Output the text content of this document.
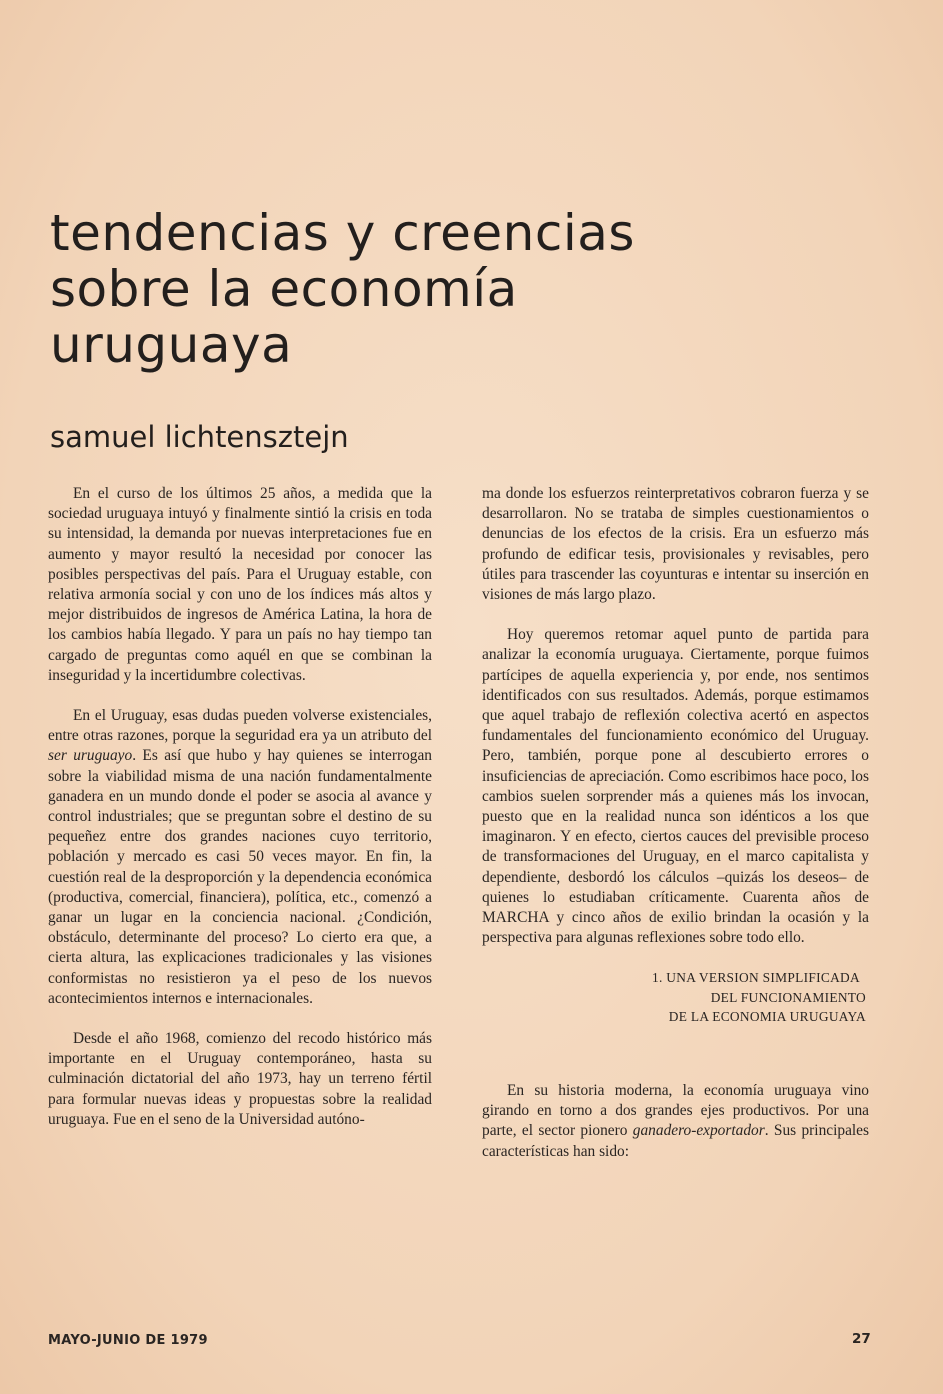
tendencias y creencias
sobre la economía
uruguaya
samuel lichtensztejn

En el curso de los últimos 25 años, a medida que la sociedad uruguaya intuyó y finalmente sintió la crisis en toda su intensidad, la demanda por nuevas interpretaciones fue en aumento y mayor resultó la necesidad por conocer las posibles perspectivas del país. Para el Uruguay estable, con relativa armonía social y con uno de los índices más altos y mejor distribuidos de ingresos de América Latina, la hora de los cambios había llegado. Y para un país no hay tiempo tan cargado de preguntas como aquél en que se combinan la inseguridad y la incertidumbre colectivas.

En el Uruguay, esas dudas pueden volverse existenciales, entre otras razones, porque la seguridad era ya un atributo del ser uruguayo. Es así que hubo y hay quienes se interrogan sobre la viabilidad misma de una nación fundamentalmente ganadera en un mundo donde el poder se asocia al avance y control industriales; que se preguntan sobre el destino de su pequeñez entre dos grandes naciones cuyo territorio, población y mercado es casi 50 veces mayor. En fin, la cuestión real de la desproporción y la dependencia económica (productiva, comercial, financiera), política, etc., comenzó a ganar un lugar en la conciencia nacional. ¿Condición, obstáculo, determinante del proceso? Lo cierto era que, a cierta altura, las explicaciones tradicionales y las visiones conformistas no resistieron ya el peso de los nuevos acontecimientos internos e internacionales.

Desde el año 1968, comienzo del recodo histórico más importante en el Uruguay contemporáneo, hasta su culminación dictatorial del año 1973, hay un terreno fértil para formular nuevas ideas y propuestas sobre la realidad uruguaya. Fue en el seno de la Universidad autóno-

ma donde los esfuerzos reinterpretativos cobraron fuerza y se desarrollaron. No se trataba de simples cuestionamientos o denuncias de los efectos de la crisis. Era un esfuerzo más profundo de edificar tesis, provisionales y revisables, pero útiles para trascender las coyunturas e intentar su inserción en visiones de más largo plazo.

Hoy queremos retomar aquel punto de partida para analizar la economía uruguaya. Ciertamente, porque fuimos partícipes de aquella experiencia y, por ende, nos sentimos identificados con sus resultados. Además, porque estimamos que aquel trabajo de reflexión colectiva acertó en aspectos fundamentales del funcionamiento económico del Uruguay. Pero, también, porque pone al descubierto errores o insuficiencias de apreciación. Como escribimos hace poco, los cambios suelen sorprender más a quienes más los invocan, puesto que en la realidad nunca son idénticos a los que imaginaron. Y en efecto, ciertos cauces del previsible proceso de transformaciones del Uruguay, en el marco capitalista y dependiente, desbordó los cálculos –quizás los deseos– de quienes lo estudiaban críticamente. Cuarenta años de MARCHA y cinco años de exilio brindan la ocasión y la perspectiva para algunas reflexiones sobre todo ello.

1. UNA VERSION SIMPLIFICADA
DEL FUNCIONAMIENTO
DE LA ECONOMIA URUGUAYA

En su historia moderna, la economía uruguaya vino girando en torno a dos grandes ejes productivos. Por una parte, el sector pionero ganadero-exportador. Sus principales características han sido:

MAYO-JUNIO DE 1979	27
